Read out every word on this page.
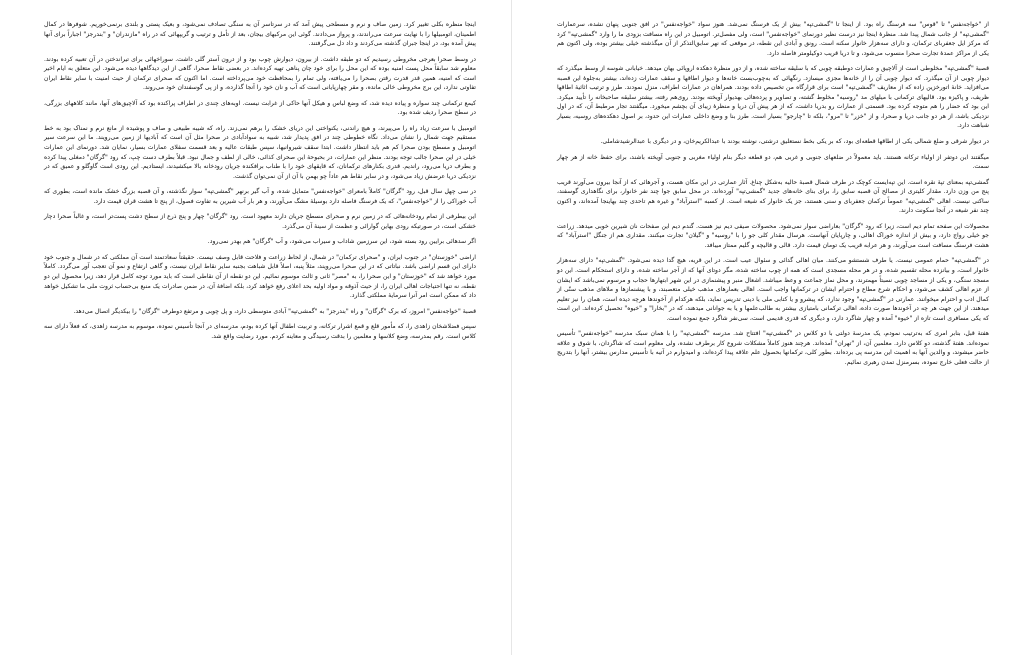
اینجا منظره بکلی تغییر کرد. زمین صاف و نرم و مسطحی پیش آمد که در سرتاسر آن به سنگی تصادف نمی‌شود، و بعیک پستی و بلندی برنمی‌خوریم. شوفرها در کمال اطمینان، اتومبیلها را با نهایت سرعت می‌راندند، و پرواز می‌دادند. گوئی این مرکبهای بیجان، بعد از تأمل و ترتیب و گریپهائی که در راه "مازندران" و "بندرجز" اجباراً برای آنها پیش آمده بود، در اینجا جبران گذشته می‌کردند و داد دل می‌گرفتند.

در وسط صحرا بعرجی مخروطی رسیدیم که دو طبقه داشت. از بیرون، دیوارش چوب بود و از درون آستر گلی داشت. سوراخهائی برای تیراندختن در آن تعبیه کرده بودند. معلوم شد سابقاً محل پست امنیه بوده که این محل را برای خود چان پناهی تهیه کرده‌اند. در بعضی نقاط صحرا، گاهی از این دیدگاهها دیده می‌شود. این متعلق به ایام اخیر است که امنیه، همین قدر قدرت رقتن بصحرا را می‌یافته، ولی تمام را بمحافظت خود می‌پرداخته است. اما اکنون که صحرای ترکمان از حیث امنیت با سایر نقاط ایران تفاوتی ندارد، این برج مخروطی خالی مانده، و مقر چهارپایانی است که آب و نان خود را آنجا گذارده، و از پی گوسفندان خود می‌روند.

کیمع ترکمانی چند سواره و پیاده دیده شد، که وضع لباس و هیکل آنها حاکی از غرابت نیست. اوبه‌های چندی در اطراف پراکنده بود که آلاچیق‌های آنها، مانند کلاههای بزرگی، در سطح صحرا ردیف شده بود.

اتومبیل با سرعت زیاد راه را می‌پیرند، و هیچ راندنی، یکنواختی این دریای خشک را برهم نمی‌زند. راه، که شیبه طبیعی و صاف و پوشیده از مانع نرم و نمناک بود به خط مستقیم جهت شمال را نشان می‌داد. نگاه خطوطی چند در افق پدیدار شد، شبیه به سوادآبادی در صحرا مثل آن است که آبادیها از زمین می‌رویند. ما این سرعت سیر اتومبیل و مسطح بودن صحرا کم هم باید انتظار داشت. ابتدا سقف شیروانیها، سپس طبقات عالیه و بعد قسمت سفلای عمارات بسیار، نمایان شد. دورنمای این عمارات خیلی در این صحرا جالب توجه بودند. منظر این عمارات، در بحبوحهٔ این صحرای کذائی، خالی از لطف و جمال نبود. قبلاً بطرف دست چپ، که رود "گرگان" دمغلی پیدا کرده و بطرف دریا می‌رود، راندیم. قدری بکنارهای ترکمانان، که قایقهای خود را با طناب برافکنده جریان رودخانه بالا میکشیدند، ایستادیم. این رودی است گاوگلو و عمیق که در نزدیکی دریا عرضش زیاد می‌شود، و در سایر نقاط هم عاداً چو بهمن با آن از آن نمی‌توان گذشت.

در سی چهل سال قبل، رود "گرگان" کاملاً بامعرای "خواجه‌نفس" متمایل شده، و آب گیر برنهر "گمشی‌تپه" سوار نگذشته، و آن قصبه بزرگ خشک مانده است، بطوری که آب خوراکی را از "خواجه‌نفس"، که یک فرسنگ فاصله دارد بوسیلهٔ مشگ می‌آورند، و هر بار آب شیرین به تفاوت فصول، از پنج تا هشت قران قیمت دارد.

این بیطرفی از تمام رودخانه‌هائی که در زمین نرم و صحرای مسطح جریان دارند معهود است. رود "گرگان" چهار و پنج ذرع از سطح دشت پست‌تر است، و غالباً صحرا دچار خشکی است، در صورتیکه رودی بهاین گوارائی و عظمت از سینهٔ آن می‌گذرد.

اگر سدهائی برایین رود بسته شود، این سرزمین شاداب و سیراب می‌شود، و آب "گرگان" هم بهدر نمی‌رود.

اراضی "خوزستان" در جنوب ایران، و "صحرای ترکمان" در شمال، از لحاظ زراعت و فلاحت قابل وصف نیست. حقیقتاً سعادتمند است آن مملکتی که در شمال و جنوب خود دارای این قسم اراضی باشد. نباتاتی که در این صحرا می‌رویند، مثلاً پنبه، اصلاً قابل شباهت بجنبه سایر نقاط ایران نیست، و گاهی ارتفاع و نمو آن تعجب آور می‌گردد. کاملاً مورد خواهد شد که "خوزستان" و این صحرا را، به "مصر" ثانی و ثالث موسوم نمائیم. این دو نقطه از آن نقاطی است که باید مورد توجه کامل قرار دهد، زیرا محصول این دو نقطه، نه تنها احتیاجات اهالی ایران را، از حیث آذوقه و مواد اولیه بحد اعلای رفع خواهد کرد، بلکه اضافهٔ آن، در ضمن صادرات یک منبع بی‌حساب ثروت ملی ما تشکیل خواهد داد که ممکن است امر آنرا سرمایهٔ مملکتی گذارد.

قصبهٔ "خواجه‌نفس" امروز، که برک "گرگان" و راه "بندرجز" به "گمشی‌تپه" آبادی متوسطی دارد، و پل چوبی و مرتفع دوطرف "گرگان" را بیکدیگر اتصال می‌دهد.

سپس فضلاشخان زاهدی را، که مأمور قلع و قمع اشرار ترکانه، و تربیت اطفال آنها کرده بودم، مدرسه‌ای در آنجا تأسیس نموده، موسوم به مدرسه زاهدی، که فعلاً دارای سه کلاس است. رقم بمدرسه، وضع کلاسها و معلمین را بدقت رسیدگی و معاینه کردم. مورد رضایت واقع شد.

از "خواجه‌نفس" تا "قوس" سه فرسنگ راه بود. از اینجا تا "گمشی‌تپه" بیش از یک فرسنگ نمی‌شد. هنوز سواد "خواجه‌نفس" در افق جنوبی پنهان نشده، سرعمارات "گمشی‌تپه" از جانب شمال پیدا شد. منظرهٔ اینجا نیز درست نظیر دورنمای "خواجه‌نفس" است، ولی مفصل‌تر. اتومبیل در این راه مسافت بزودی ما را وارد "گمشی‌تپه" کرد که مرکز ایل جعفربای ترکمان، و دارای سه‌هزار خانوار سکنه است. رونق و آبادی این نقطه، در موقعی که نهر سابق‌التذکر از آن میگذشته خیلی بیشتر بوده، ولی اکنون هم یکی از مراکز عمدهٔ تجارت صحرا منسوب می‌شود، و تا دریا قریب دوکیلومتر فاصله دارد.

قصبهٔ "گمشی‌تپه" مخلوطی است از آلاچیق و عمارات دوطبقه چوبی که با سلیقه ساخته شده، و از دور منظرهٔ دهکده اروپائی بهان میدهد. خیابانی شوسه از وسط میگذرد که دیوار چوبی از آن میگذرد. که دیوار چوبی آن را از خانه‌ها مجزی میسازد. رنگهائی که به‌چوب‌بست خانه‌ها و دیوار اطاقها و سقف عمارات زده‌اند، بیشتر به‌جلوهٔ این قصبه می‌افزاید. خانهٔ اتورخزین زاده که از معاریف "گمشی‌تپه" است برای قرارگاه من تخصیص داده بودند. همراهان در عمارات اطراف، منزل نمودند. طرز و ترتیب اثاثیهٔ اطاقها ظریف، و پاکیزه بود. قالیهای ترکمانی با میلهای مد "روسیه" مخلوط گشته، و تصاویر و پرده‌هائی بهدیوار آویخته بودند. روی‌هم رفته، بیشتر سلیقه صاحبخانه را تأیید میکرد. این بود که حضار را هم متوجه کرده بود. قسمتی از عمارات رو بدریا داشت، که از هر پیش آن دریا و منظرهٔ زیبای آن بچشم میخورد. میگفتند تجار مرطبط آن، که در اول نزدیکی باشد، از هر دو جانب دریا و صحرا، و از "خزر" تا "مرو"، بلکه تا "چارجو" بسیار است. طرز بنا و وضع داخلی عمارات این حدود، بر اصول دهکده‌های روسیه، بسیار شباهت دارد.

در دیوار شرقی و ضلع شمالی یکی از اطاقها قطعه‌ای بود، که بر یکی بخط نستعلیق درشتی، نوشته بودند با عبدالکریم‌خان، و در دیگری با عبدالرشیدشاملی.

میگفتند این دوتفر از اولیاء ترکانه هستند. باید معمولاً در ضلعهای جنوبی و غربی هم، دو قطعه دیگر بنام اولیاء مغربی و جنوبی آویخته باشند، برای حفظ خانه از هر چهار سمت.

گمشی‌تپه بمعنای تپهٔ نقره است. این تپه‌ایست کوچک در طرف شمال قصبهٔ حالیه به‌شکل چناغ. آثار عمارتی در این مکان هست، و آجرهائی که از آنجا بیرون می‌آورند قریب پنج من وزن دارد. مقدار کلیتری از مصالح آن قصبه سابق را، برای بنای خانه‌های جدید "گمشی‌تپه" آورده‌اند. در محل سابق جوا چند نفر خانوار، برای نگاهداری گوسفند، ساکنی نیست. اهالی "گمشی‌تپه" عموماً ترکمان جعفربای و سنی هستند، جز یک خانوار که شیعه است. از کسبه "استرآباد" و غیره هم تاحدی چند بهاینجا آمده‌اند، و اکنون چند نفر شیعه در آنجا سکونت دارند.

محصولات این صفحه تمام دیم است، زیرا که رود "گرگان" بعاراضی سوار نمی‌شود. محصولات صیفی دیم نیز هست. گندم دیم این صفحات نان شیرین خوبی میدهد. زراعت جو خیلی رواج دارد، و بیش از اندازه خوراک اهالی، و چارپایان آنهاست. هرسال مقدار کلی جو را با "روسیه" و "گیلان" تجارت میکنند. مقداری هم از جنگل "استرآباد" که هشت فرسنگ مسافت است می‌آورند، و هر عرابه قریب یک تومان قیمت دارد. قالی و قالیچه و گلیم ممتاز میبافد.

در "گمشی‌تپه" حمام عمومی نیست. یا طرف شستشو می‌کنند. میان اهالی گدائی و سئوال عیب است. در این قریه، هیچ گدا دیده نمی‌شود. "گمشی‌تپه" دارای سه‌هزار خانوار است، و بیانزده محله تقسیم شده، و در هر محله مسجدی است که همه از چوب ساخته شده، مگر دوتای آنها که از آجر ساخته شده، و دارای استحکام است. این دو مسجد سنگی، و یکی از مساجد چوبی نسبتاً مهمترند، و محل نماز جماعت و وعظ میباشد. اشعال منبر و پیشنمازی در این شهر ابتهارها حجاب و مرسوم نمی‌باشد که ایشان از عزم اهالی کشف می‌شود، و احکام شرع مطاع و احترام ایشان در ترکمانها واجب است. اهالی بعمارهای مذهب خیلی متعصبند، و با پیشنمازها و ملاهای مذهب سنّی از کمال ادب و احترام میخوانند. عمارتی در "گمشی‌تپه" وجود ندارد، که پیشرو و یا کتابی ملی یا دینی تدریس نماید، بلکه هرکدام از آخوندها هرچه دیده است، همان را نیز تعلیم میدهند. از این جهت هر چه در آخوندها صورت داده، اهالی ترکمانی بامتیازی بیشتر به طالب‌علمها و یا به جوانانی میدهند، که در "بخارا" و "خیوه" تحصیل کرده‌اند. این است که یکی مسافری است تازه از "خیوه" آمده و چهار شاگرد دارد، و دیگری که قدری قدیمی است، سی‌نفر شاگرد جمع نموده است.

هفتهٔ قبل، بنابر امری که به‌ترتیب نمودم، یک مدرسهٔ دولتی با دو کلاس در "گمشی‌تپه" افتتاح شد. مدرسه "گمشی‌تپه" را با همان سبک مدرسه "خواجه‌نفس" تأسیس نموده‌اند. هفتهٔ گذشته، دو کلاس دارد. معلمین آن، از "تهران" آمده‌اند. هرچند هنوز کاملاً مشکلات شروع کار برطرف نشده، ولی معلوم است که شاگردان، با شوق و علاقه حاضر میشوند، و والدین آنها به اهمیت این مدرسه پی برده‌اند. بطور کلی، ترکمانها بحصول علم علاقه پیدا کرده‌اند، و امیدوارم در آتیه با تأسیس مدارس بیشتر، آنها را بتدریج از حالت فعلی خارج نموده، بسرمنزل تمدن رهبری نمائیم.
